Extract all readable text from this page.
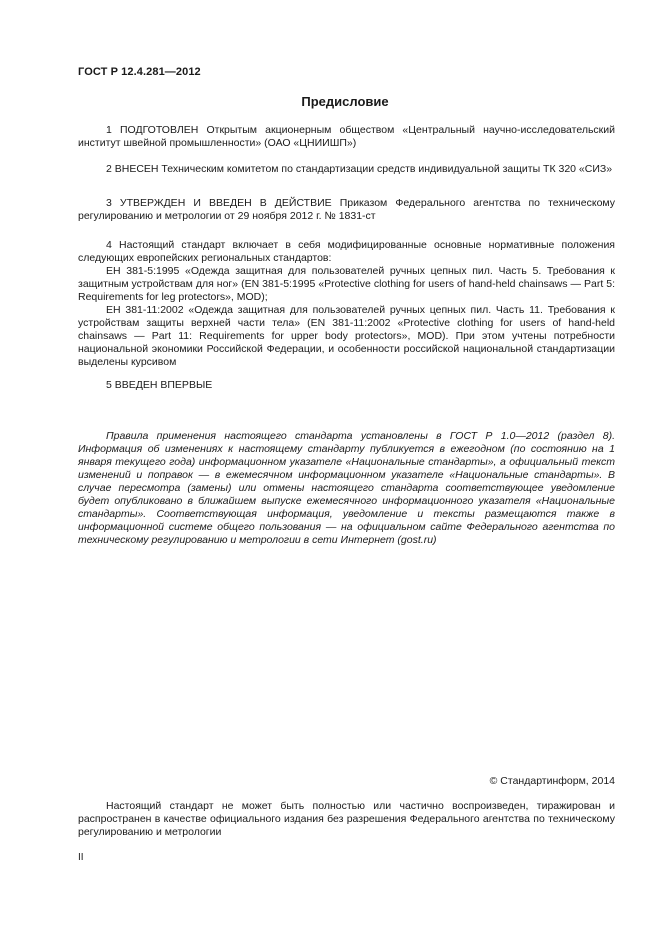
ГОСТ Р 12.4.281—2012
Предисловие

1 ПОДГОТОВЛЕН Открытым акционерным обществом «Центральный научно-исследовательский институт швейной промышленности» (ОАО «ЦНИИШП»)

2 ВНЕСЕН Техническим комитетом по стандартизации средств индивидуальной защиты ТК 320 «СИЗ»

3 УТВЕРЖДЕН И ВВЕДЕН В ДЕЙСТВИЕ Приказом Федерального агентства по техническому регулированию и метрологии от 29 ноября 2012 г. № 1831-ст

4 Настоящий стандарт включает в себя модифицированные основные нормативные положения следующих европейских региональных стандартов:

ЕН 381-5:1995 «Одежда защитная для пользователей ручных цепных пил. Часть 5. Требования к защитным устройствам для ног» (EN 381-5:1995 «Protective clothing for users of hand-held chainsaws — Part 5: Requirements for leg protectors», MOD);

ЕН 381-11:2002 «Одежда защитная для пользователей ручных цепных пил. Часть 11. Требования к устройствам защиты верхней части тела» (EN 381-11:2002 «Protective clothing for users of hand-held chainsaws — Part 11: Requirements for upper body protectors», MOD). При этом учтены потребности национальной экономики Российской Федерации, и особенности российской национальной стандартизации выделены курсивом

5 ВВЕДЕН ВПЕРВЫЕ

Правила применения настоящего стандарта установлены в ГОСТ Р 1.0—2012 (раздел 8). Информация об изменениях к настоящему стандарту публикуется в ежегодном (по состоянию на 1 января текущего года) информационном указателе «Национальные стандарты», а официальный текст изменений и поправок — в ежемесячном информационном указателе «Национальные стандарты». В случае пересмотра (замены) или отмены настоящего стандарта соответствующее уведомление будет опубликовано в ближайшем выпуске ежемесячного информационного указателя «Национальные стандарты». Соответствующая информация, уведомление и тексты размещаются также в информационной системе общего пользования — на официальном сайте Федерального агентства по техническому регулированию и метрологии в сети Интернет (gost.ru)
© Стандартинформ, 2014
Настоящий стандарт не может быть полностью или частично воспроизведен, тиражирован и распространен в качестве официального издания без разрешения Федерального агентства по техническому регулированию и метрологии
II
